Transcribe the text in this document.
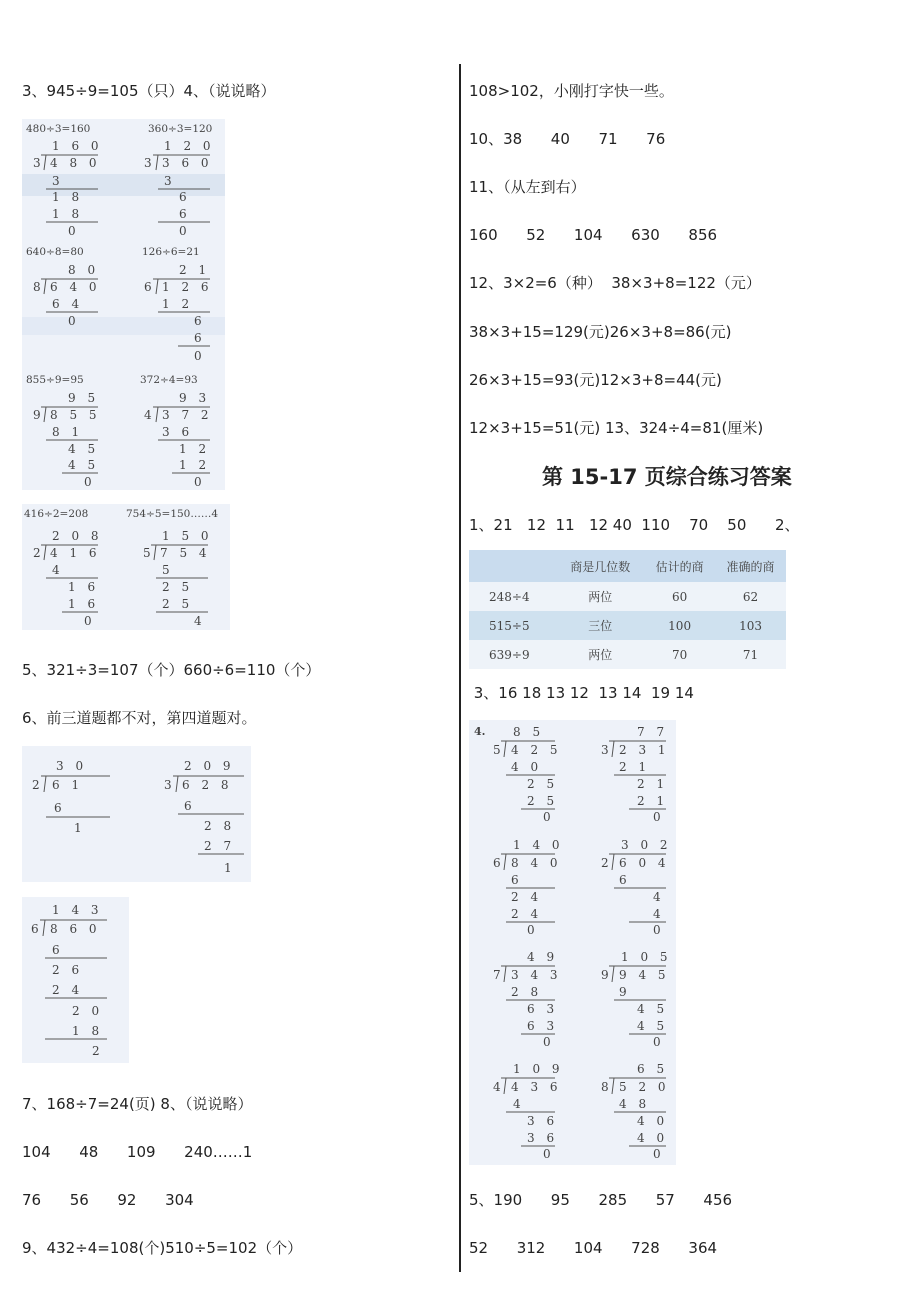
3、945÷9=105（只）4、（说说略）
5、321÷3=107（个）660÷6=110（个）
6、前三道题都不对，第四道题对。
7、168÷7=24(页) 8、（说说略）
104      48      109      240……1
76      56      92      304
9、432÷4=108(个)510÷5=102（个）
480÷3=160	360÷3=120
640÷8=80	126÷6=21
855÷9=95	372÷4=93
1 6 0
3 4 8 0
3
1 8
1 8
0
1 2 0
3 3 6 0
3
6
6
0
8 0
8 6 4 0
6 4
0
2 1
6 1 2 6
1 2
6
6
0
9 5
9 8 5 5
8 1
4 5
4 5
0
9 3
4 3 7 2
3 6
1 2
1 2
0
416÷2=208	754÷5=150……4
2 0 8
2 4 1 6
4
1 6
1 6
0
1 5 0
5 7 5 4
5
2 5
2 5
4
3 0
2 6 1
6
1
2 0 9
3 6 2 8
6
2 8
2 7
1
1 4 3
6 8 6 0
6
2 6
2 4
2 0
1 8
2
108>102，小刚打字快一些。
10、38      40      71      76
11、（从左到右）
160      52      104      630      856
12、3×2=6（种）  38×3+8=122（元）
38×3+15=129(元)26×3+8=86(元)
26×3+15=93(元)12×3+8=44(元)
12×3+15=51(元) 13、324÷4=81(厘米)
第 15-17 页综合练习答案
1、21   12  11   12 40  110    70    50      2、
	商是几位数	估计的商	准确的商
248÷4	两位	60	62
515÷5	三位	100	103
639÷9	两位	70	71
3、16 18 13 12  13 14  19 14
4. 8 5
5 4 2 5
4 0
2 5
2 5
0
7 7
3 2 3 1
2 1
2 1
2 1
0
1 4 0
6 8 4 0
6
2 4
2 4
0
3 0 2
2 6 0 4
6
4
4
0
4 9
7 3 4 3
2 8
6 3
6 3
0
1 0 5
9 9 4 5
9
4 5
4 5
0
1 0 9
4 4 3 6
4
3 6
3 6
0
6 5
8 5 2 0
4 8
4 0
4 0
0
5、190      95      285      57      456
52      312      104      728      364
